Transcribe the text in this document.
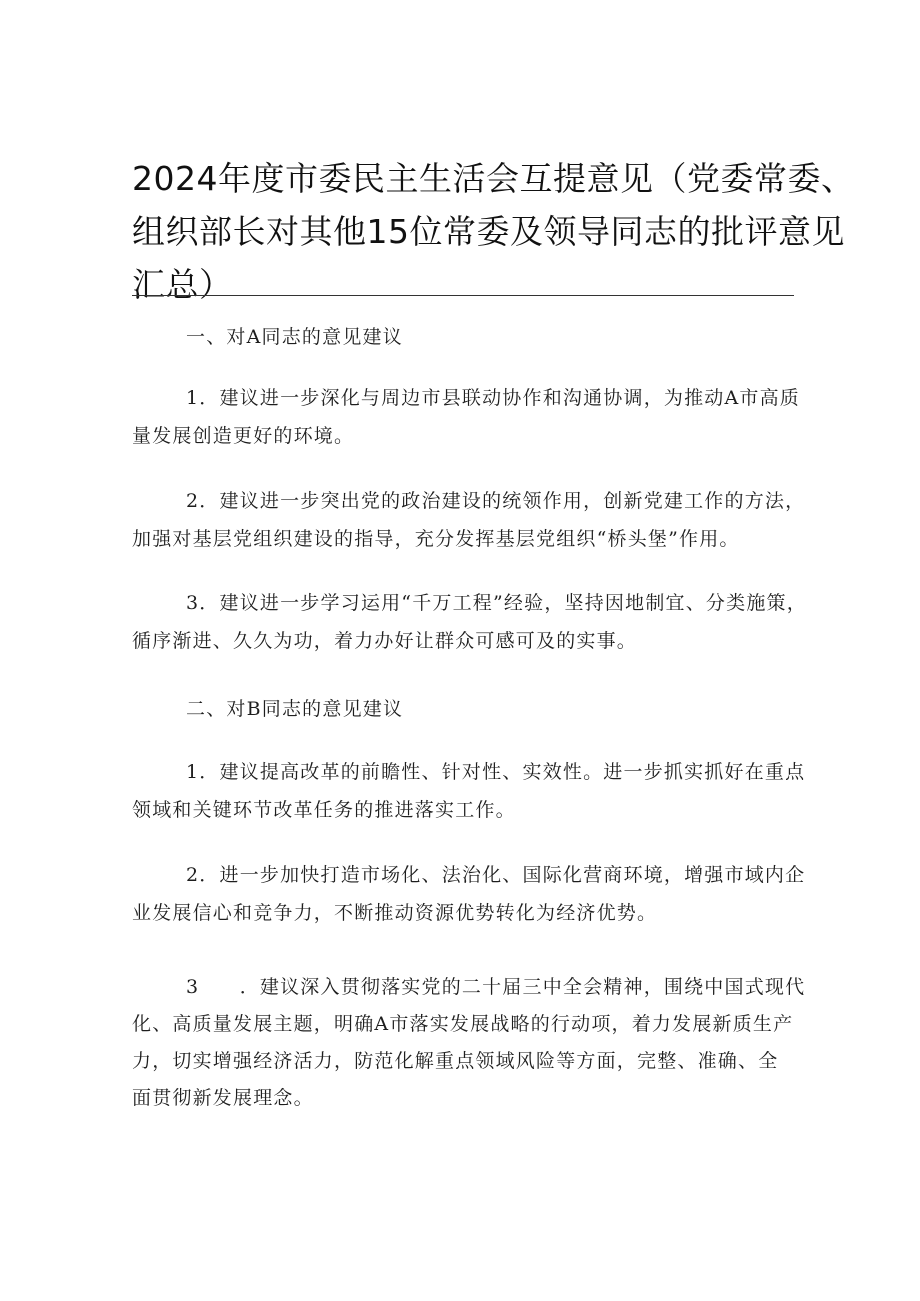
2024年度市委民主生活会互提意见（党委常委、
组织部长对其他15位常委及领导同志的批评意见
汇总）

一、对A同志的意见建议

1．建议进一步深化与周边市县联动协作和沟通协调，为推动A市高质
量发展创造更好的环境。

2．建议进一步突出党的政治建设的统领作用，创新党建工作的方法，
加强对基层党组织建设的指导，充分发挥基层党组织“桥头堡”作用。

3．建议进一步学习运用“千万工程”经验，坚持因地制宜、分类施策，
循序渐进、久久为功，着力办好让群众可感可及的实事。

二、对B同志的意见建议

1．建议提高改革的前瞻性、针对性、实效性。进一步抓实抓好在重点
领域和关键环节改革任务的推进落实工作。

2．进一步加快打造市场化、法治化、国际化营商环境，增强市域内企
业发展信心和竞争力，不断推动资源优势转化为经济优势。

3　　．建议深入贯彻落实党的二十届三中全会精神，围绕中国式现代
化、高质量发展主题，明确A市落实发展战略的行动项，着力发展新质生产
力，切实增强经济活力，防范化解重点领域风险等方面，完整、准确、全
面贯彻新发展理念。
